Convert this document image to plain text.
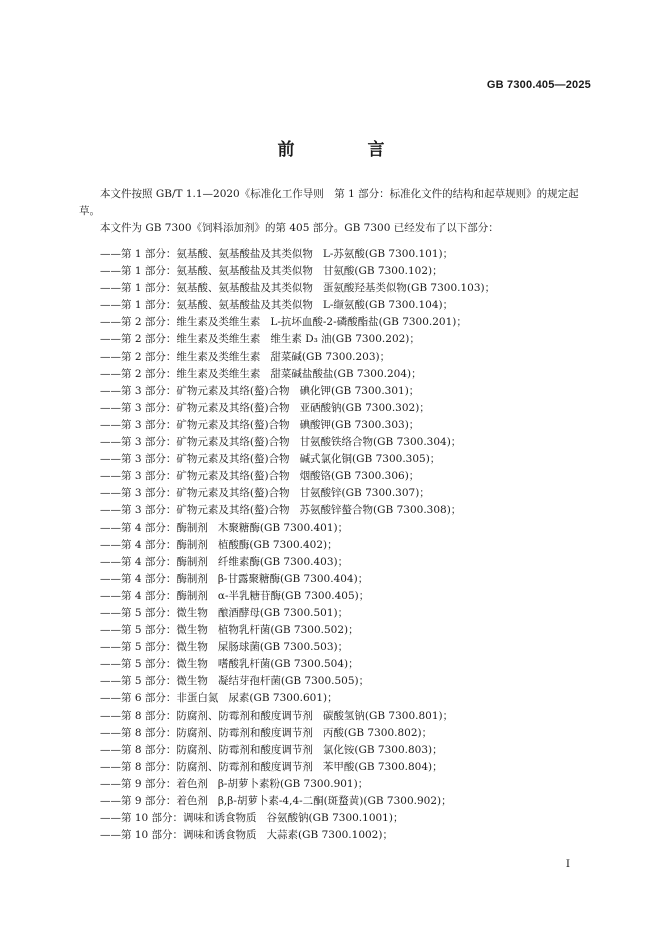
GB 7300.405—2025
前　言

本文件按照 GB/T 1.1—2020《标准化工作导则　第 1 部分：标准化文件的结构和起草规则》的规定起草。

本文件为 GB 7300《饲料添加剂》的第 405 部分。GB 7300 已经发布了以下部分：

——第 1 部分：氨基酸、氨基酸盐及其类似物 L-苏氨酸(GB 7300.101)；
——第 1 部分：氨基酸、氨基酸盐及其类似物 甘氨酸(GB 7300.102)；
——第 1 部分：氨基酸、氨基酸盐及其类似物 蛋氨酸羟基类似物(GB 7300.103)；
——第 1 部分：氨基酸、氨基酸盐及其类似物 L-缬氨酸(GB 7300.104)；
——第 2 部分：维生素及类维生素 L-抗坏血酸-2-磷酸酯盐(GB 7300.201)；
——第 2 部分：维生素及类维生素 维生素 D₃ 油(GB 7300.202)；
——第 2 部分：维生素及类维生素 甜菜碱(GB 7300.203)；
——第 2 部分：维生素及类维生素 甜菜碱盐酸盐(GB 7300.204)；
——第 3 部分：矿物元素及其络(螯)合物 碘化钾(GB 7300.301)；
——第 3 部分：矿物元素及其络(螯)合物 亚硒酸钠(GB 7300.302)；
——第 3 部分：矿物元素及其络(螯)合物 碘酸钾(GB 7300.303)；
——第 3 部分：矿物元素及其络(螯)合物 甘氨酸铁络合物(GB 7300.304)；
——第 3 部分：矿物元素及其络(螯)合物 碱式氯化铜(GB 7300.305)；
——第 3 部分：矿物元素及其络(螯)合物 烟酸铬(GB 7300.306)；
——第 3 部分：矿物元素及其络(螯)合物 甘氨酸锌(GB 7300.307)；
——第 3 部分：矿物元素及其络(螯)合物 苏氨酸锌螯合物(GB 7300.308)；
——第 4 部分：酶制剂 木聚糖酶(GB 7300.401)；
——第 4 部分：酶制剂 植酸酶(GB 7300.402)；
——第 4 部分：酶制剂 纤维素酶(GB 7300.403)；
——第 4 部分：酶制剂 β-甘露聚糖酶(GB 7300.404)；
——第 4 部分：酶制剂 α-半乳糖苷酶(GB 7300.405)；
——第 5 部分：微生物 酿酒酵母(GB 7300.501)；
——第 5 部分：微生物 植物乳杆菌(GB 7300.502)；
——第 5 部分：微生物 屎肠球菌(GB 7300.503)；
——第 5 部分：微生物 嗜酸乳杆菌(GB 7300.504)；
——第 5 部分：微生物 凝结芽孢杆菌(GB 7300.505)；
——第 6 部分：非蛋白氮 尿素(GB 7300.601)；
——第 8 部分：防腐剂、防霉剂和酸度调节剂 碳酸氢钠(GB 7300.801)；
——第 8 部分：防腐剂、防霉剂和酸度调节剂 丙酸(GB 7300.802)；
——第 8 部分：防腐剂、防霉剂和酸度调节剂 氯化铵(GB 7300.803)；
——第 8 部分：防腐剂、防霉剂和酸度调节剂 苯甲酸(GB 7300.804)；
——第 9 部分：着色剂 β-胡萝卜素粉(GB 7300.901)；
——第 9 部分：着色剂 β,β-胡萝卜素-4,4-二酮(斑蝥黄)(GB 7300.902)；
——第 10 部分：调味和诱食物质 谷氨酸钠(GB 7300.1001)；
——第 10 部分：调味和诱食物质 大蒜素(GB 7300.1002)；
I
